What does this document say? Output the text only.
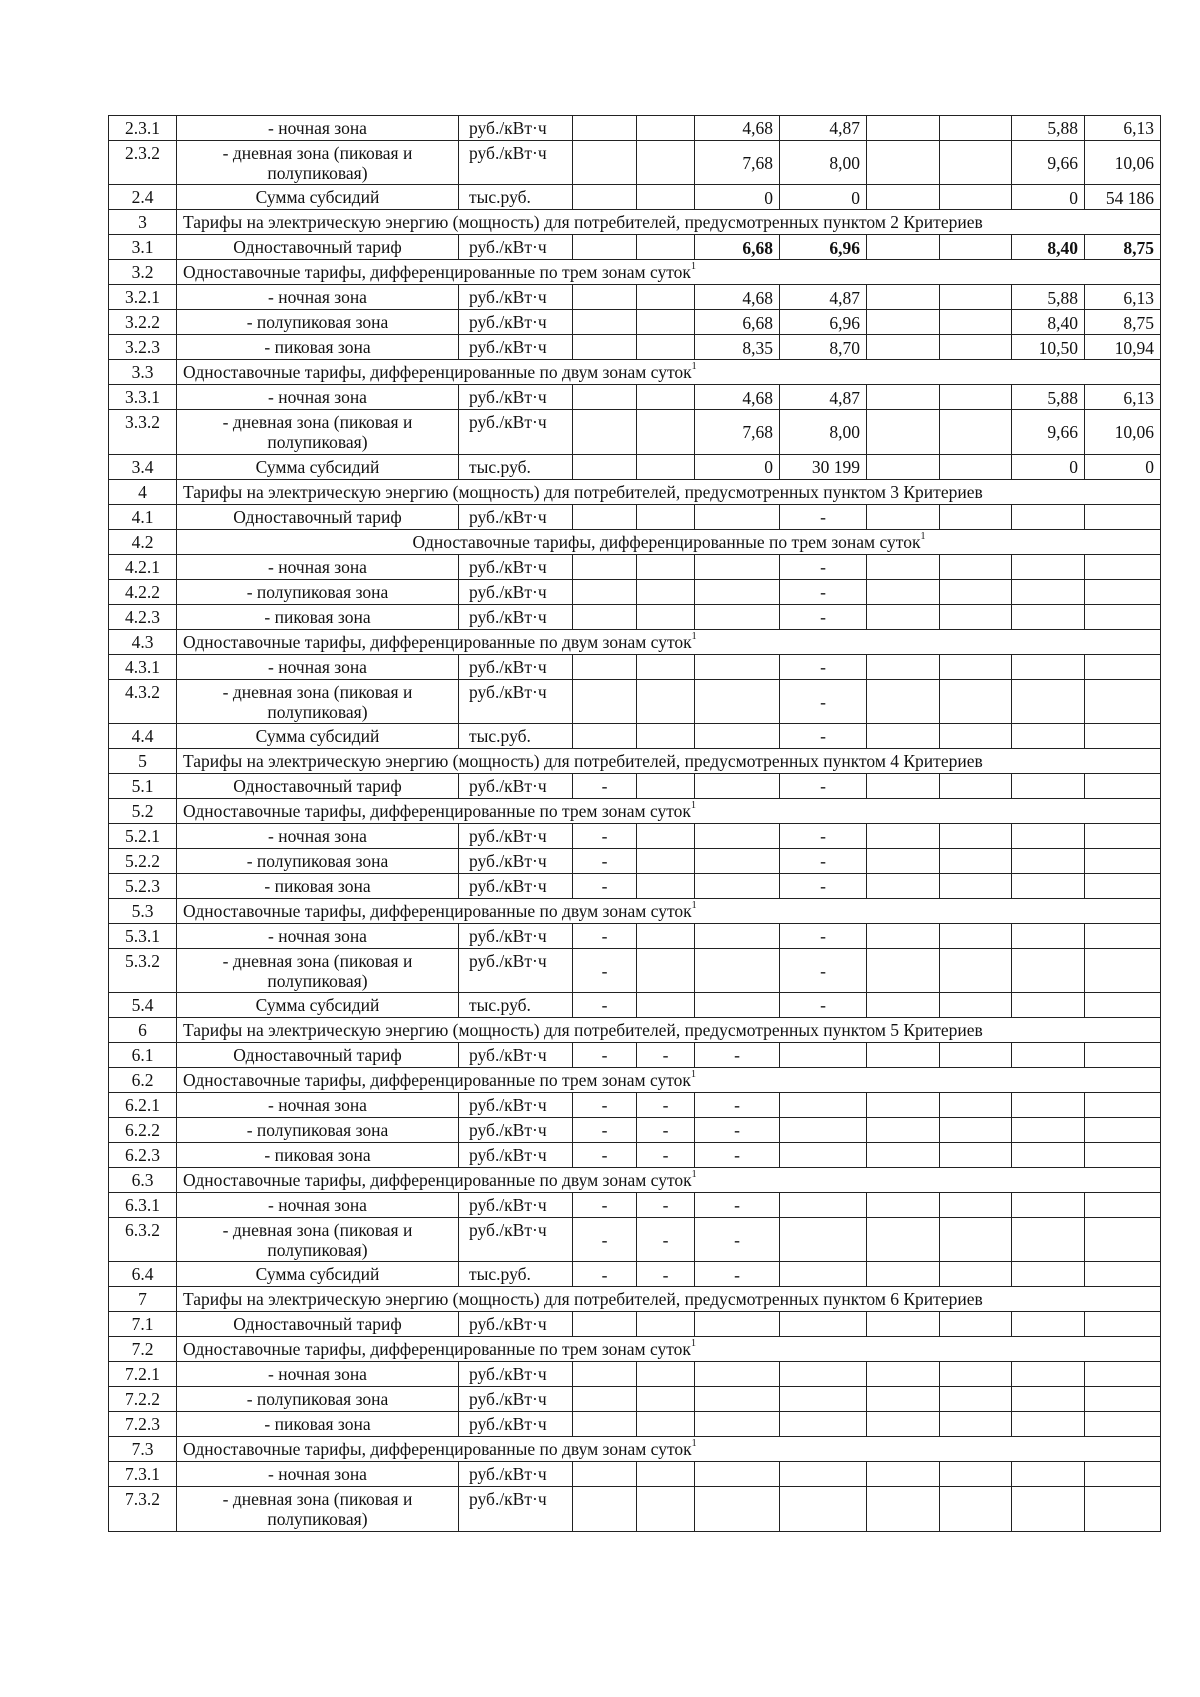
2.3.1	- ночная зона	руб./кВт·ч			4,68	4,87			5,88	6,13
2.3.2	- дневная зона (пиковая и полупиковая)	руб./кВт·ч			7,68	8,00			9,66	10,06
2.4	Сумма субсидий	тыс.руб.			0	0			0	54 186
3	Тарифы на электрическую энергию (мощность) для потребителей, предусмотренных пунктом 2 Критериев									
3.1	Одноставочный тариф	руб./кВт·ч			6,68	6,96			8,40	8,75
3.2	Одноставочные тарифы, дифференцированные по трем зонам суток$^1$
3.2.1	- ночная зона	руб./кВт·ч			4,68	4,87			5,88	6,13
3.2.2	- полупиковая зона	руб./кВт·ч			6,68	6,96			8,40	8,75
3.2.3	- пиковая зона	руб./кВт·ч			8,35	8,70			10,50	10,94
3.3	Одноставочные тарифы, дифференцированные по двум зонам суток$^1$
3.3.1	- ночная зона	руб./кВт·ч			4,68	4,87			5,88	6,13
3.3.2	- дневная зона (пиковая и полупиковая)	руб./кВт·ч			7,68	8,00			9,66	10,06
3.4	Сумма субсидий	тыс.руб.			0	30 199			0	0
4	Тарифы на электрическую энергию (мощность) для потребителей, предусмотренных пунктом 3 Критериев									
4.1	Одноставочный тариф	руб./кВт·ч				-				
4.2	Одноставочные тарифы, дифференцированные по трем зонам суток$^1$
4.2.1	- ночная зона	руб./кВт·ч				-				
4.2.2	- полупиковая зона	руб./кВт·ч				-				
4.2.3	- пиковая зона	руб./кВт·ч				-				
4.3	Одноставочные тарифы, дифференцированные по двум зонам суток$^1$
4.3.1	- ночная зона	руб./кВт·ч				-				
4.3.2	- дневная зона (пиковая и полупиковая)	руб./кВт·ч				-				
4.4	Сумма субсидий	тыс.руб.				-				
5	Тарифы на электрическую энергию (мощность) для потребителей, предусмотренных пунктом 4 Критериев									
5.1	Одноставочный тариф	руб./кВт·ч	-			-				
5.2	Одноставочные тарифы, дифференцированные по трем зонам суток$^1$
5.2.1	- ночная зона	руб./кВт·ч	-			-				
5.2.2	- полупиковая зона	руб./кВт·ч	-			-				
5.2.3	- пиковая зона	руб./кВт·ч	-			-				
5.3	Одноставочные тарифы, дифференцированные по двум зонам суток$^1$
5.3.1	- ночная зона	руб./кВт·ч	-			-				
5.3.2	- дневная зона (пиковая и полупиковая)	руб./кВт·ч	-			-				
5.4	Сумма субсидий	тыс.руб.	-			-				
6	Тарифы на электрическую энергию (мощность) для потребителей, предусмотренных пунктом 5 Критериев									
6.1	Одноставочный тариф	руб./кВт·ч	-	-	-					
6.2	Одноставочные тарифы, дифференцированные по трем зонам суток$^1$
6.2.1	- ночная зона	руб./кВт·ч	-	-	-					
6.2.2	- полупиковая зона	руб./кВт·ч	-	-	-					
6.2.3	- пиковая зона	руб./кВт·ч	-	-	-					
6.3	Одноставочные тарифы, дифференцированные по двум зонам суток$^1$
6.3.1	- ночная зона	руб./кВт·ч	-	-	-					
6.3.2	- дневная зона (пиковая и полупиковая)	руб./кВт·ч	-	-	-					
6.4	Сумма субсидий	тыс.руб.	-	-	-					
7	Тарифы на электрическую энергию (мощность) для потребителей, предусмотренных пунктом 6 Критериев									
7.1	Одноставочный тариф	руб./кВт·ч								
7.2	Одноставочные тарифы, дифференцированные по трем зонам суток$^1$
7.2.1	- ночная зона	руб./кВт·ч								
7.2.2	- полупиковая зона	руб./кВт·ч								
7.2.3	- пиковая зона	руб./кВт·ч								
7.3	Одноставочные тарифы, дифференцированные по двум зонам суток$^1$
7.3.1	- ночная зона	руб./кВт·ч								
7.3.2	- дневная зона (пиковая и полупиковая)	руб./кВт·ч								
